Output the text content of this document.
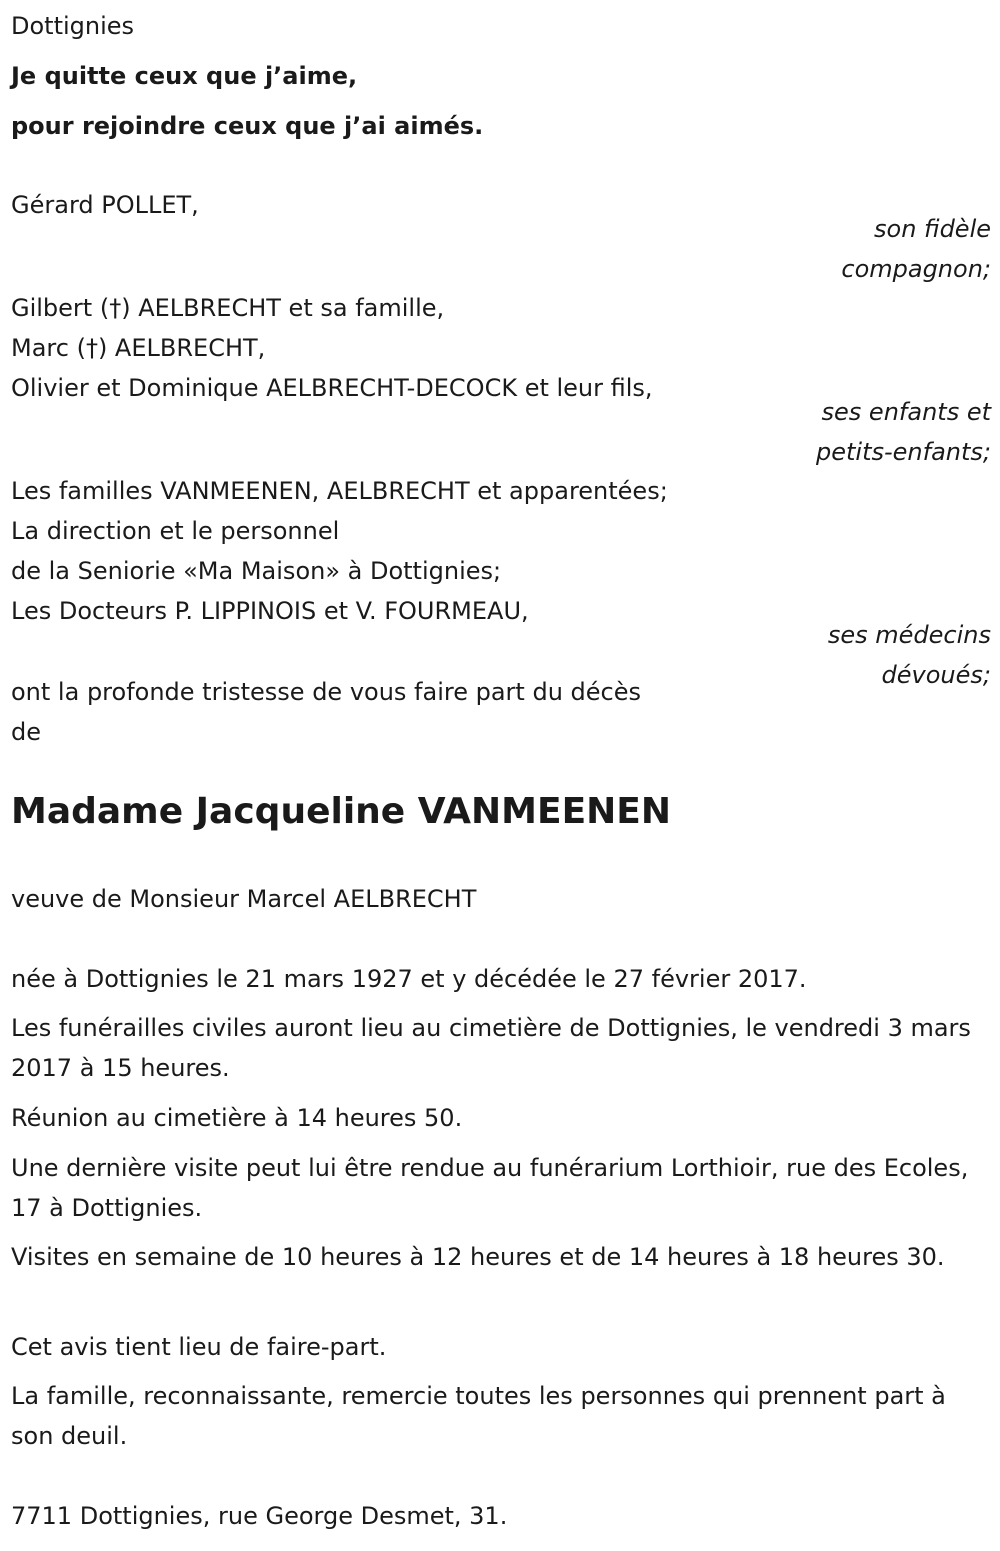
Dottignies
Je quitte ceux que j’aime,
pour rejoindre ceux que j’ai aimés.
Gérard POLLET,
son fidèle
compagnon;
Gilbert (†) AELBRECHT et sa famille,
Marc (†) AELBRECHT,
Olivier et Dominique AELBRECHT-DECOCK et leur fils,
ses enfants et
petits-enfants;
Les familles VANMEENEN, AELBRECHT et apparentées;
La direction et le personnel
de la Seniorie «Ma Maison» à Dottignies;
Les Docteurs P. LIPPINOIS et V. FOURMEAU,
ses médecins
dévoués;
ont la profonde tristesse de vous faire part du décès
de
Madame Jacqueline VANMEENEN
veuve de Monsieur Marcel AELBRECHT
née à Dottignies le 21 mars 1927 et y décédée le 27 février 2017.
Les funérailles civiles auront lieu au cimetière de Dottignies, le vendredi 3 mars 2017 à 15 heures.
Réunion au cimetière à 14 heures 50.
Une dernière visite peut lui être rendue au funérarium Lorthioir, rue des Ecoles, 17 à Dottignies.
Visites en semaine de 10 heures à 12 heures et de 14 heures à 18 heures 30.
Cet avis tient lieu de faire-part.
La famille, reconnaissante, remercie toutes les personnes qui prennent part à son deuil.
7711 Dottignies, rue George Desmet, 31.
